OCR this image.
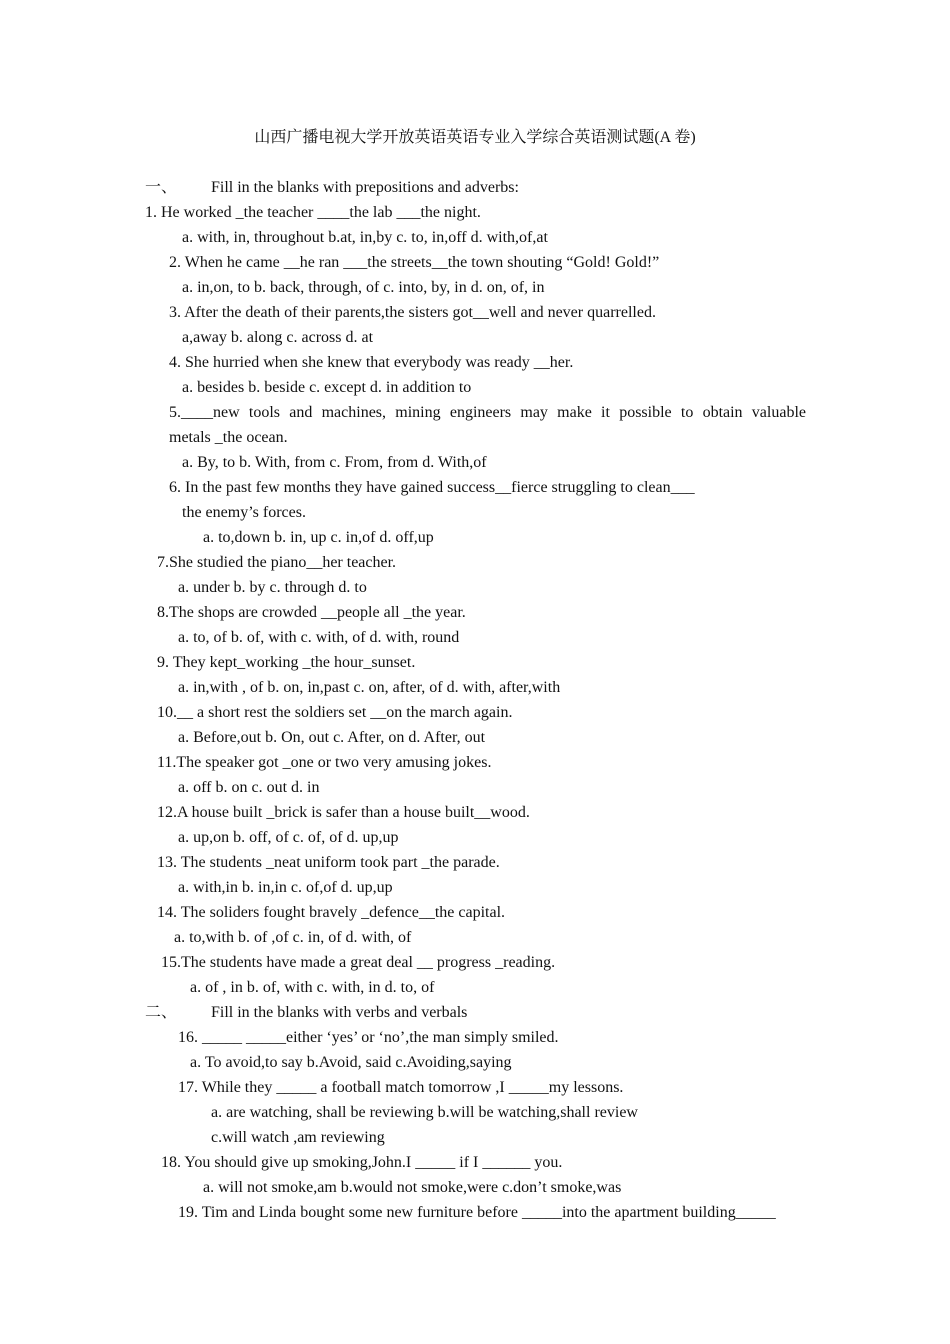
山西广播电视大学开放英语英语专业入学综合英语测试题(A 卷)
一、 Fill in the blanks with prepositions and adverbs:
1. He worked _the teacher ____the lab ___the night.
a. with, in, throughout b.at, in,by c. to, in,off d. with,of,at
2. When he came __he ran ___the streets__the town shouting “Gold! Gold!”
a. in,on, to b. back, through, of c. into, by, in d. on, of, in
3. After the death of their parents,the sisters got__well and never quarrelled.
a,away b. along c. across d. at
4. She hurried when she knew that everybody was ready __her.
a. besides b. beside c. except d. in addition to
5.____new tools and machines, mining engineers may make it possible to obtain valuable
metals _the ocean.
a. By, to b. With, from c. From, from d. With,of
6. In the past few months they have gained success__fierce struggling to clean___
the enemy’s forces.
a. to,down b. in, up c. in,of d. off,up
7.She studied the piano__her teacher.
a. under b. by c. through d. to
8.The shops are crowded __people all _the year.
a. to, of b. of, with c. with, of d. with, round
9. They kept_working _the hour_sunset.
a. in,with , of b. on, in,past c. on, after, of d. with, after,with
10.__ a short rest the soldiers set __on the march again.
a. Before,out b. On, out c. After, on d. After, out
11.The speaker got _one or two very amusing jokes.
a. off b. on c. out d. in
12.A house built _brick is safer than a house built__wood.
a. up,on b. off, of c. of, of d. up,up
13. The students _neat uniform took part _the parade.
a. with,in b. in,in c. of,of d. up,up
14. The soliders fought bravely _defence__the capital.
a. to,with b. of ,of c. in, of d. with, of
15.The students have made a great deal __ progress _reading.
a. of , in b. of, with c. with, in d. to, of
二、 Fill in the blanks with verbs and verbals
16. _____ _____either ‘yes’ or ‘no’,the man simply smiled.
a. To avoid,to say b.Avoid, said c.Avoiding,saying
17. While they _____ a football match tomorrow ,I _____my lessons.
a. are watching, shall be reviewing b.will be watching,shall review
c.will watch ,am reviewing
18. You should give up smoking,John.I _____ if I ______ you.
a. will not smoke,am b.would not smoke,were c.don’t smoke,was
19. Tim and Linda bought some new furniture before _____into the apartment building_____
